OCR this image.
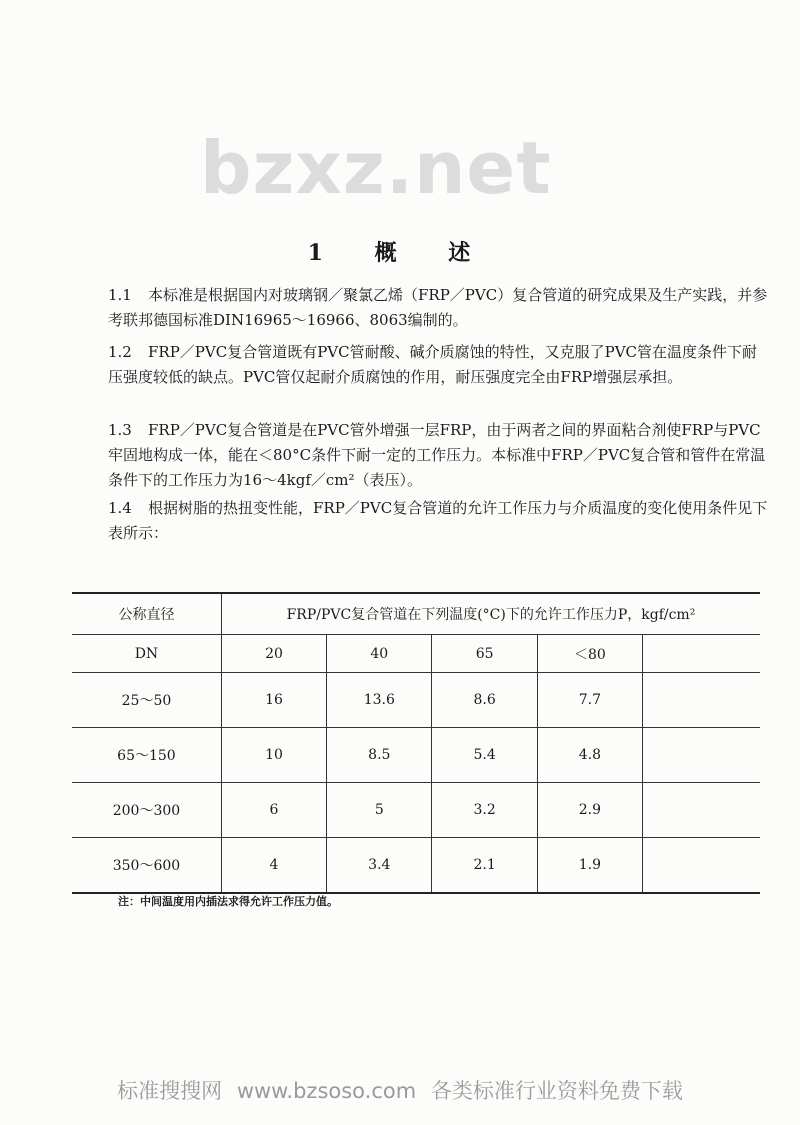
bzxz.net
1 概 述

1.1 本标准是根据国内对玻璃钢／聚氯乙烯（FRP／PVC）复合管道的研究成果及生产实践，并参考联邦德国标准DIN16965～16966、8063编制的。

1.2 FRP／PVC复合管道既有PVC管耐酸、碱介质腐蚀的特性，又克服了PVC管在温度条件下耐压强度较低的缺点。PVC管仅起耐介质腐蚀的作用，耐压强度完全由FRP增强层承担。

1.3 FRP／PVC复合管道是在PVC管外增强一层FRP，由于两者之间的界面粘合剂使FRP与PVC牢固地构成一体，能在＜80°C条件下耐一定的工作压力。本标准中FRP／PVC复合管和管件在常温条件下的工作压力为16～4kgf／cm²（表压）。

1.4 根据树脂的热扭变性能，FRP／PVC复合管道的允许工作压力与介质温度的变化使用条件见下表所示：

公称直径	FRP/PVC复合管道在下列温度(°C)下的允许工作压力P，kgf/cm²				
DN	20	40	65	＜80	
25～50	16	13.6	8.6	7.7	
65～150	10	8.5	5.4	4.8	
200～300	6	5	3.2	2.9	
350～600	4	3.4	2.1	1.9	
注：中间温度用内插法求得允许工作压力值。
标准搜搜网 www.bzsoso.com 各类标准行业资料免费下载
